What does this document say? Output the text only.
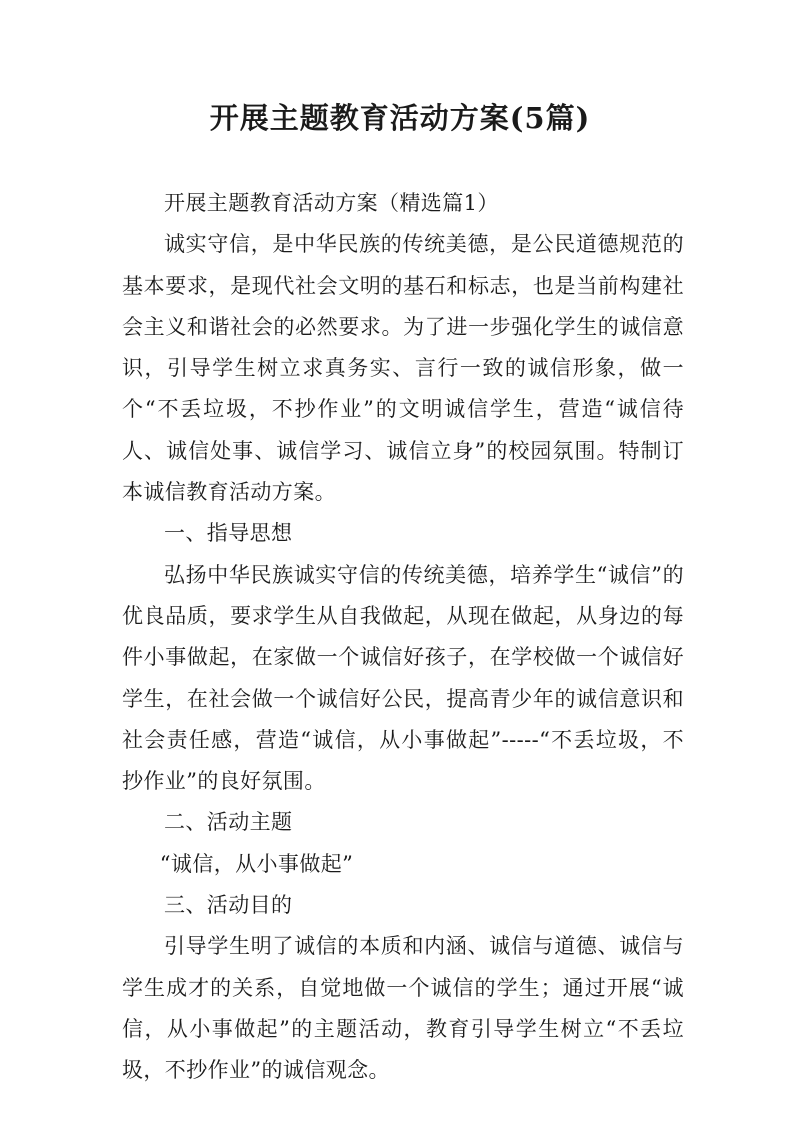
开展主题教育活动方案(5篇)

开展主题教育活动方案（精选篇1）

诚实守信，是中华民族的传统美德，是公民道德规范的基本要求，是现代社会文明的基石和标志，也是当前构建社会主义和谐社会的必然要求。为了进一步强化学生的诚信意识，引导学生树立求真务实、言行一致的诚信形象，做一个“不丢垃圾，不抄作业”的文明诚信学生，营造“诚信待人、诚信处事、诚信学习、诚信立身”的校园氛围。特制订本诚信教育活动方案。

一、指导思想

弘扬中华民族诚实守信的传统美德，培养学生“诚信”的优良品质，要求学生从自我做起，从现在做起，从身边的每件小事做起，在家做一个诚信好孩子，在学校做一个诚信好学生，在社会做一个诚信好公民，提高青少年的诚信意识和社会责任感，营造“诚信，从小事做起”-----“不丢垃圾，不抄作业”的良好氛围。

二、活动主题

“诚信，从小事做起”

三、活动目的

引导学生明了诚信的本质和内涵、诚信与道德、诚信与学生成才的关系，自觉地做一个诚信的学生；通过开展“诚信，从小事做起”的主题活动，教育引导学生树立“不丢垃圾，不抄作业”的诚信观念。
